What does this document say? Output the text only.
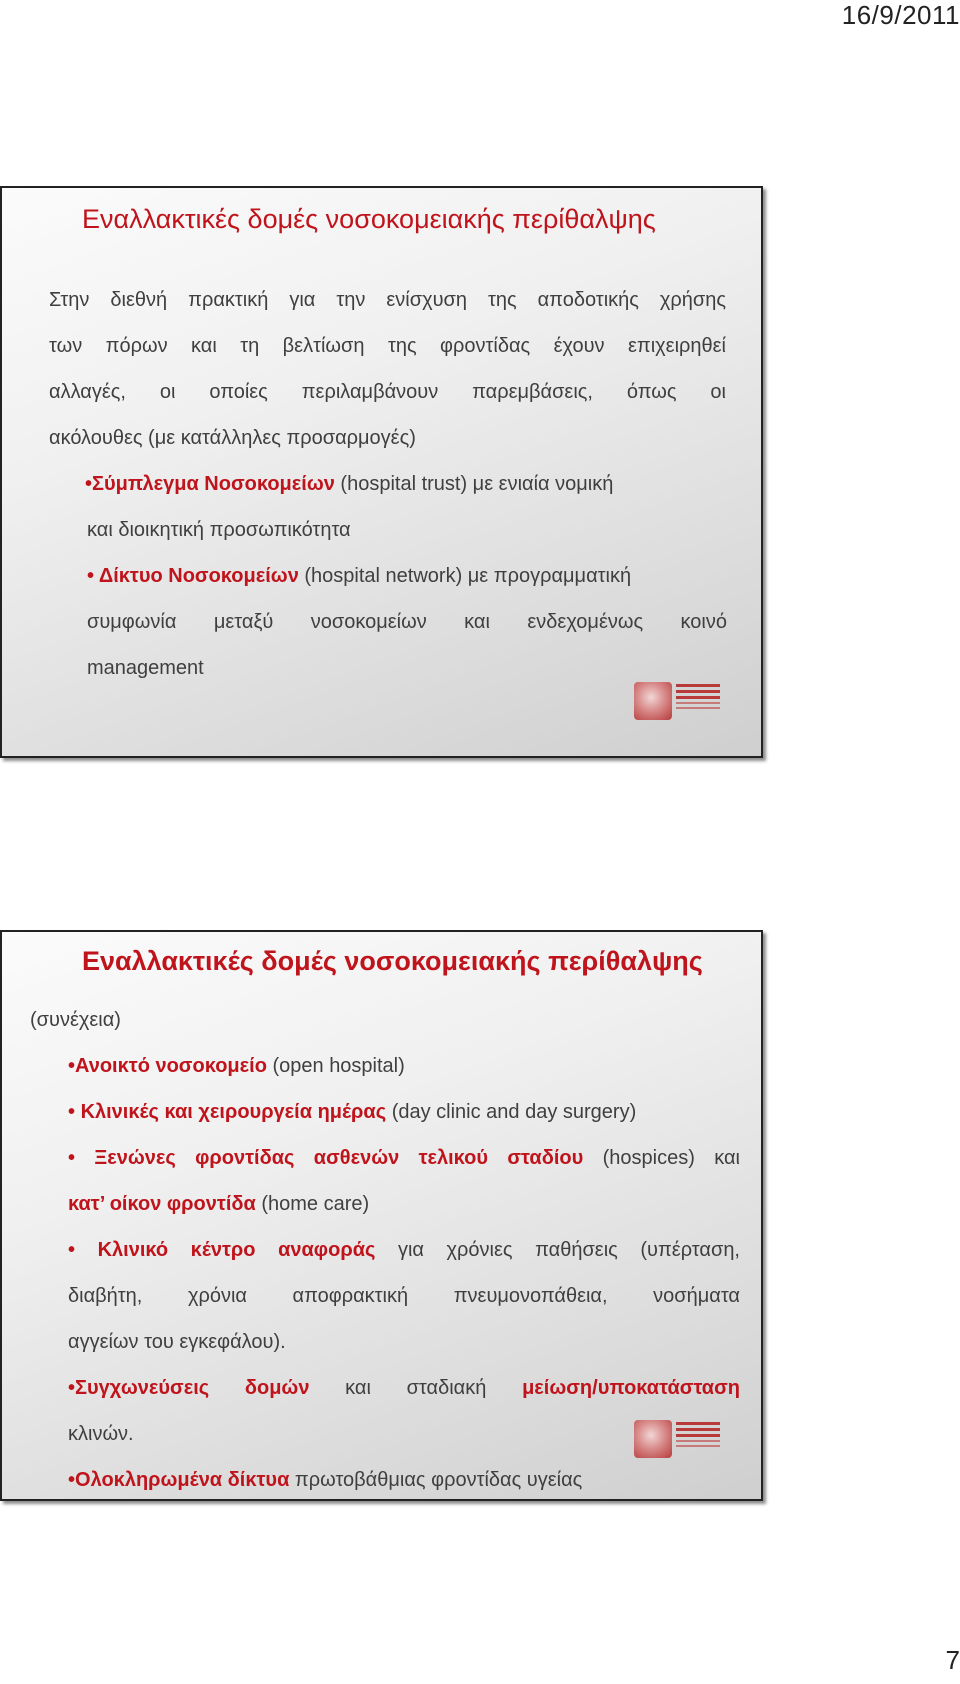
16/9/2011
Εναλλακτικές δομές νοσοκομειακής περίθαλψης
Στην διεθνή πρακτική για την ενίσχυση της αποδοτικής χρήσης
των πόρων και τη βελτίωση της φροντίδας έχουν επιχειρηθεί
αλλαγές, οι οποίες περιλαμβάνουν παρεμβάσεις, όπως οι
ακόλουθες (με κατάλληλες προσαρμογές)
•Σύμπλεγμα Νοσοκομείων (hospital trust) με ενιαία νομική
και διοικητική προσωπικότητα
• Δίκτυο Νοσοκομείων (hospital network) με προγραμματική
συμφωνία μεταξύ νοσοκομείων και ενδεχομένως κοινό
management
Εναλλακτικές δομές νοσοκομειακής περίθαλψης
(συνέχεια)
•Ανοικτό νοσοκομείο (open hospital)
• Κλινικές και χειρουργεία ημέρας (day clinic and day surgery)
• Ξενώνες φροντίδας ασθενών τελικού σταδίου (hospices) και
κατ’ οίκον φροντίδα (home care)
• Κλινικό κέντρο αναφοράς για χρόνιες παθήσεις (υπέρταση,
διαβήτη, χρόνια αποφρακτική πνευμονοπάθεια, νοσήματα
αγγείων του εγκεφάλου).
•Συγχωνεύσεις δομών και σταδιακή μείωση/υποκατάσταση
κλινών.
•Ολοκληρωμένα δίκτυα πρωτοβάθμιας φροντίδας υγείας
7
